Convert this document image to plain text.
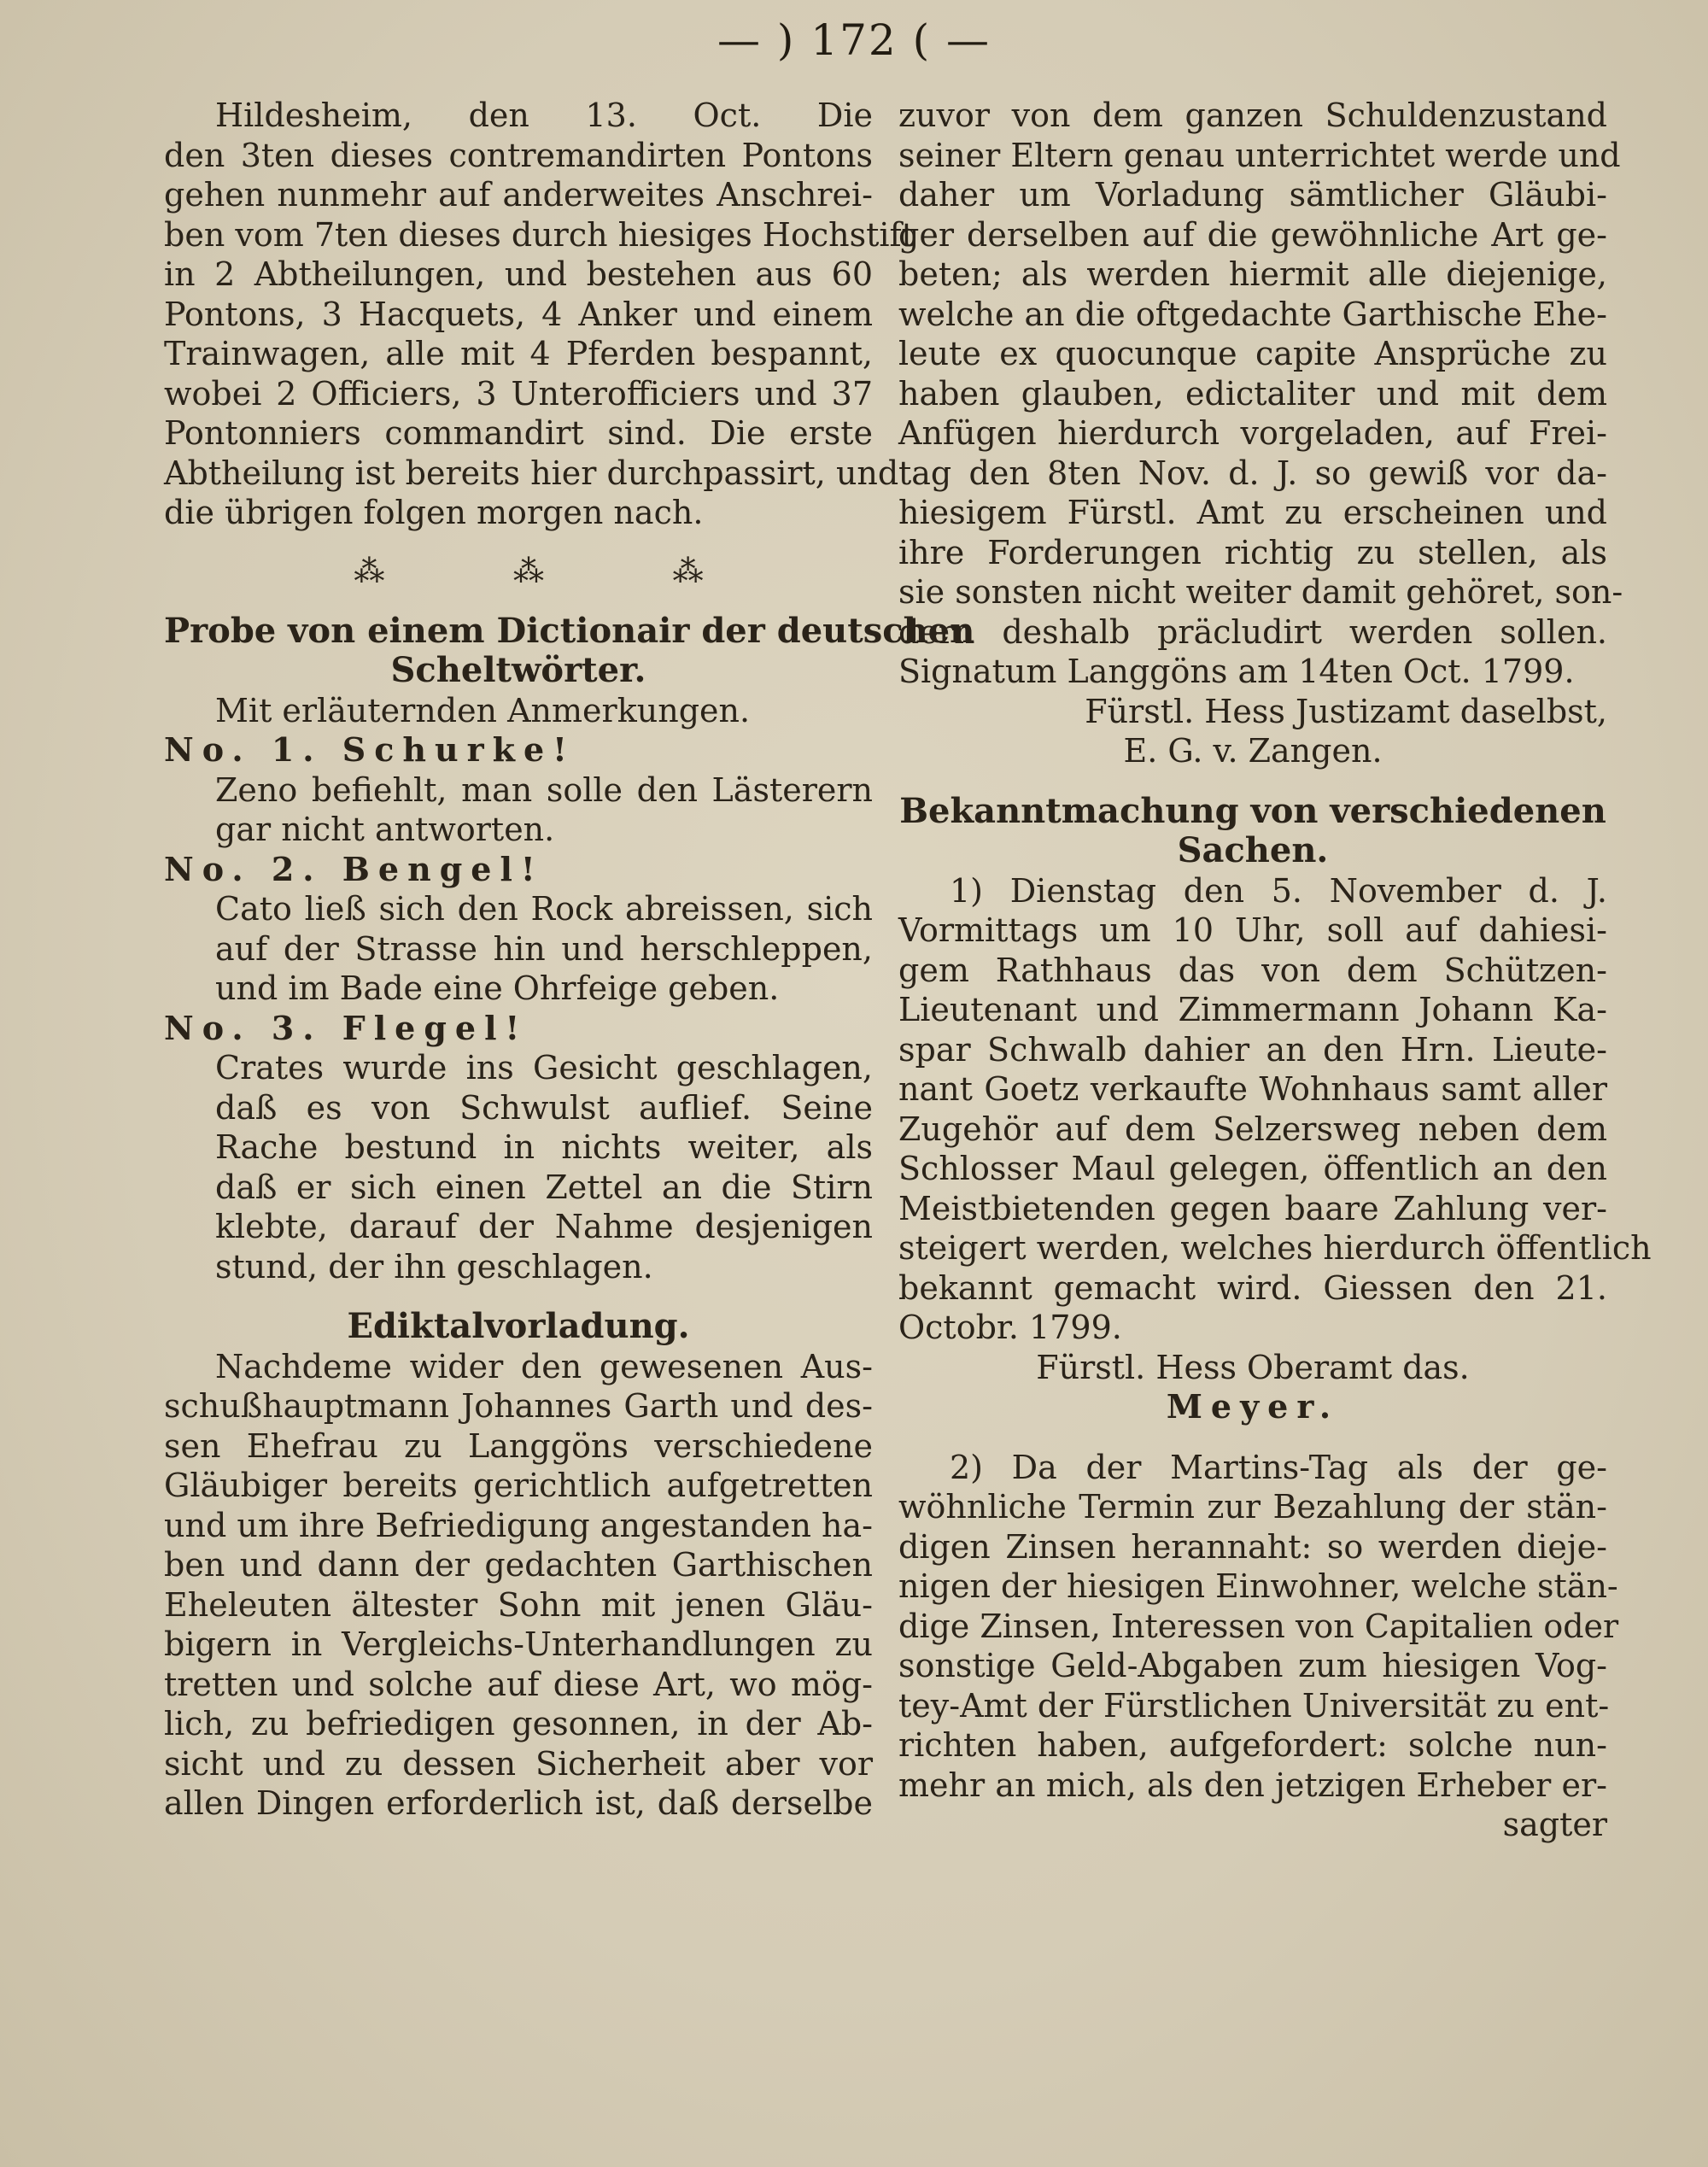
— ) 172 ( —
Hildesheim, den 13. Oct. Die
den 3ten dieses contremandirten Pontons
gehen nunmehr auf anderweites Anschrei-
ben vom 7ten dieses durch hiesiges Hochstift
in 2 Abtheilungen, und bestehen aus 60
Pontons, 3 Hacquets, 4 Anker und einem
Trainwagen, alle mit 4 Pferden bespannt,
wobei 2 Officiers, 3 Unterofficiers und 37
Pontonniers commandirt sind. Die erste
Abtheilung ist bereits hier durchpassirt, und
die übrigen folgen morgen nach.
⁂	⁂	⁂
Probe von einem Dictionair der deutschen
Scheltwörter.
Mit erläuternden Anmerkungen.
No. 1. Schurke!
Zeno befiehlt, man solle den Lästerern
gar nicht antworten.
No. 2. Bengel!
Cato ließ sich den Rock abreissen, sich
auf der Strasse hin und herschleppen,
und im Bade eine Ohrfeige geben.
No. 3. Flegel!
Crates wurde ins Gesicht geschlagen,
daß es von Schwulst auflief. Seine
Rache bestund in nichts weiter, als
daß er sich einen Zettel an die Stirn
klebte, darauf der Nahme desjenigen
stund, der ihn geschlagen.
Ediktalvorladung.
Nachdeme wider den gewesenen Aus-
schußhauptmann Johannes Garth und des-
sen Ehefrau zu Langgöns verschiedene
Gläubiger bereits gerichtlich aufgetretten
und um ihre Befriedigung angestanden ha-
ben und dann der gedachten Garthischen
Eheleuten ältester Sohn mit jenen Gläu-
bigern in Vergleichs-Unterhandlungen zu
tretten und solche auf diese Art, wo mög-
lich, zu befriedigen gesonnen, in der Ab-
sicht und zu dessen Sicherheit aber vor
allen Dingen erforderlich ist, daß derselbe
zuvor von dem ganzen Schuldenzustand
seiner Eltern genau unterrichtet werde und
daher um Vorladung sämtlicher Gläubi-
ger derselben auf die gewöhnliche Art ge-
beten; als werden hiermit alle diejenige,
welche an die oftgedachte Garthische Ehe-
leute ex quocunque capite Ansprüche zu
haben glauben, edictaliter und mit dem
Anfügen hierdurch vorgeladen, auf Frei-
tag den 8ten Nov. d. J. so gewiß vor da-
hiesigem Fürstl. Amt zu erscheinen und
ihre Forderungen richtig zu stellen, als
sie sonsten nicht weiter damit gehöret, son-
dern deshalb präcludirt werden sollen.
Signatum Langgöns am 14ten Oct. 1799.
Fürstl. Hess Justizamt daselbst,
E. G. v. Zangen.
Bekanntmachung von verschiedenen
Sachen.
1) Dienstag den 5. November d. J.
Vormittags um 10 Uhr, soll auf dahiesi-
gem Rathhaus das von dem Schützen-
Lieutenant und Zimmermann Johann Ka-
spar Schwalb dahier an den Hrn. Lieute-
nant Goetz verkaufte Wohnhaus samt aller
Zugehör auf dem Selzersweg neben dem
Schlosser Maul gelegen, öffentlich an den
Meistbietenden gegen baare Zahlung ver-
steigert werden, welches hierdurch öffentlich
bekannt gemacht wird. Giessen den 21.
Octobr. 1799.
Fürstl. Hess Oberamt das.
Meyer.
2) Da der Martins-Tag als der ge-
wöhnliche Termin zur Bezahlung der stän-
digen Zinsen herannaht: so werden dieje-
nigen der hiesigen Einwohner, welche stän-
dige Zinsen, Interessen von Capitalien oder
sonstige Geld-Abgaben zum hiesigen Vog-
tey-Amt der Fürstlichen Universität zu ent-
richten haben, aufgefordert: solche nun-
mehr an mich, als den jetzigen Erheber er-
sagter
